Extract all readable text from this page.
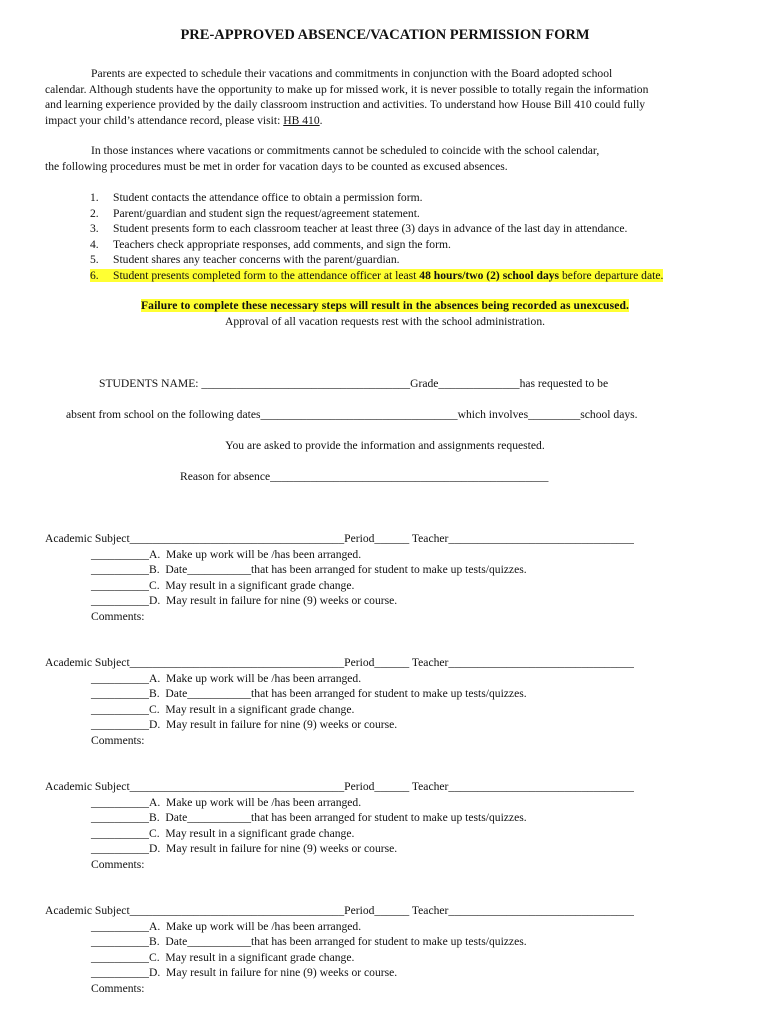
PRE-APPROVED ABSENCE/VACATION PERMISSION FORM

Parents are expected to schedule their vacations and commitments in conjunction with the Board adopted school

calendar. Although students have the opportunity to make up for missed work, it is never possible to totally regain the information

and learning experience provided by the daily classroom instruction and activities. To understand how House Bill 410 could fully

impact your child’s attendance record, please visit: HB 410.

In those instances where vacations or commitments cannot be scheduled to coincide with the school calendar,

the following procedures must be met in order for vacation days to be counted as excused absences.

1. Student contacts the attendance office to obtain a permission form.
2. Parent/guardian and student sign the request/agreement statement.
3. Student presents form to each classroom teacher at least three (3) days in advance of the last day in attendance.
4. Teachers check appropriate responses, add comments, and sign the form.
5. Student shares any teacher concerns with the parent/guardian.
6. Student presents completed form to the attendance officer at least 48 hours/two (2) school days before departure date.
Failure to complete these necessary steps will result in the absences being recorded as unexcused.
Approval of all vacation requests rest with the school administration.
STUDENTS NAME: ____________________________________Grade______________has requested to be
absent from school on the following dates__________________________________which involves_________school days.
You are asked to provide the information and assignments requested.
Reason for absence________________________________________________
Academic Subject_____________________________________Period______ Teacher________________________________
__________A.  Make up work will be /has been arranged.
__________B.  Date___________that has been arranged for student to make up tests/quizzes.
__________C.  May result in a significant grade change.
__________D.  May result in failure for nine (9) weeks or course.
Comments:
Academic Subject_____________________________________Period______ Teacher________________________________
__________A.  Make up work will be /has been arranged.
__________B.  Date___________that has been arranged for student to make up tests/quizzes.
__________C.  May result in a significant grade change.
__________D.  May result in failure for nine (9) weeks or course.
Comments:
Academic Subject_____________________________________Period______ Teacher________________________________
__________A.  Make up work will be /has been arranged.
__________B.  Date___________that has been arranged for student to make up tests/quizzes.
__________C.  May result in a significant grade change.
__________D.  May result in failure for nine (9) weeks or course.
Comments:
Academic Subject_____________________________________Period______ Teacher________________________________
__________A.  Make up work will be /has been arranged.
__________B.  Date___________that has been arranged for student to make up tests/quizzes.
__________C.  May result in a significant grade change.
__________D.  May result in failure for nine (9) weeks or course.
Comments:
